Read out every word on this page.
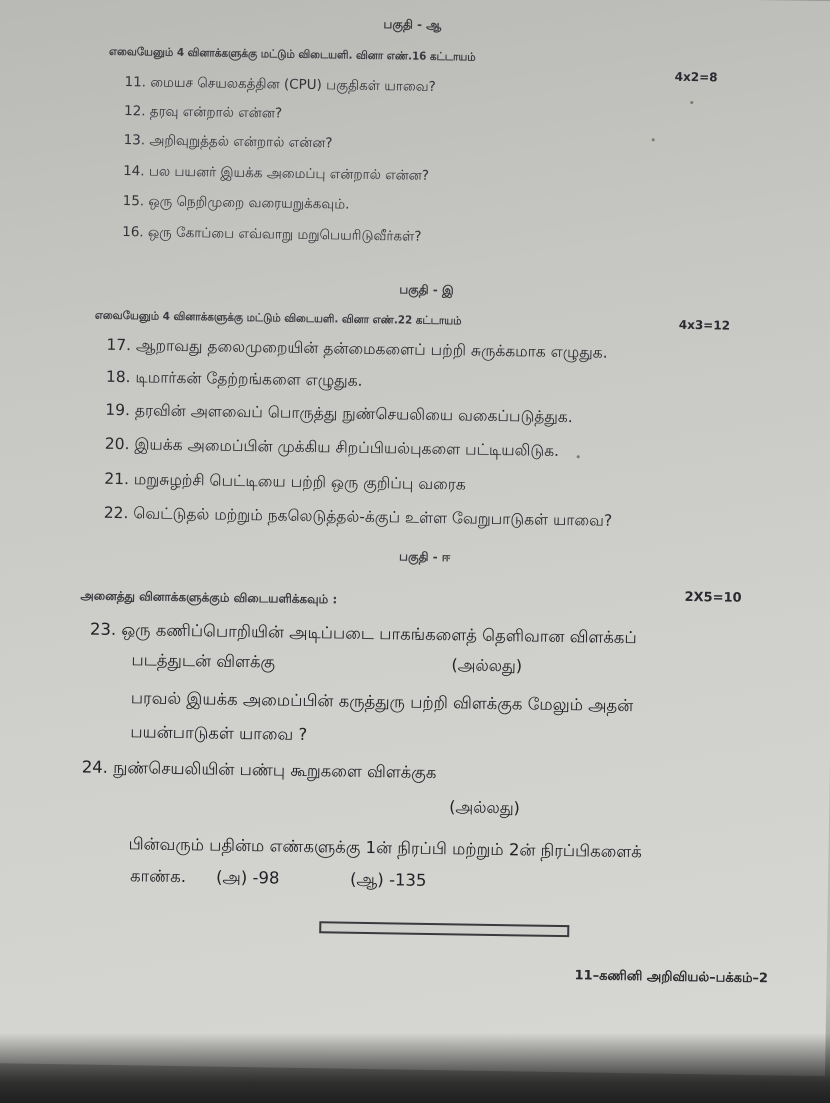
பகுதி - ஆ
எவையேனும் 4 வினாக்களுக்கு மட்டும் விடையளி. வினா எண்.16 கட்டாயம்
4x2=8
11. மையச செயலகத்தின (CPU) பகுதிகள் யாவை?
12. தரவு என்றால் என்ன?
13. அறிவுறுத்தல் என்றால் என்ன?
14. பல பயனர் இயக்க அமைப்பு என்றால் என்ன?
15. ஒரு நெறிமுறை வரையறுக்கவும்.
16. ஒரு கோப்பை எவ்வாறு மறுபெயரிடுவீர்கள்?
பகுதி - இ
எவையேனும் 4 வினாக்களுக்கு மட்டும் விடையளி. வினா எண்.22 கட்டாயம்	4x3=12
17. ஆறாவது தலைமுறையின் தன்மைகளைப் பற்றி சுருக்கமாக எழுதுக.
18. டிமார்கன் தேற்றங்களை எழுதுக.
19. தரவின் அளவைப் பொருத்து நுண்செயலியை வகைப்படுத்துக.
20. இயக்க அமைப்பின் முக்கிய சிறப்பியல்புகளை பட்டியலிடுக.
21. மறுசுழற்சி பெட்டியை பற்றி ஒரு குறிப்பு வரைக
22. வெட்டுதல் மற்றும் நகலெடுத்தல்-க்குப் உள்ள வேறுபாடுகள் யாவை?
பகுதி - ஈ
அனைத்து வினாக்களுக்கும் விடையளிக்கவும் :	2X5=10
23. ஒரு கணிப்பொறியின் அடிப்படை பாகங்களைத் தெளிவான விளக்கப்
படத்துடன் விளக்கு	(அல்லது)
பரவல் இயக்க அமைப்பின் கருத்துரு பற்றி விளக்குக மேலும் அதன்
பயன்பாடுகள் யாவை ?
24. நுண்செயலியின் பண்பு கூறுகளை விளக்குக
(அல்லது)
பின்வரும் பதின்ம எண்களுக்கு 1ன் நிரப்பி மற்றும் 2ன் நிரப்பிகளைக்
காண்க. (அ) -98	(ஆ) -135
11–கணினி அறிவியல்–பக்கம்–2
